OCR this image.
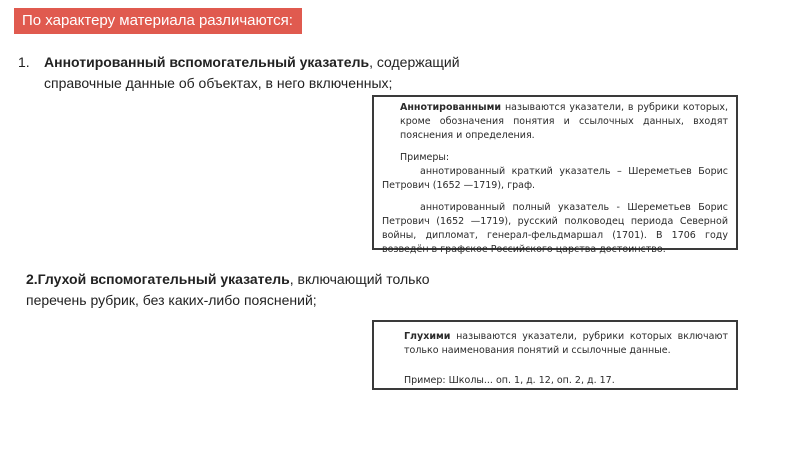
По характеру материала различаются:
1.	Аннотированный вспомогательный указатель, содержащий
справочные данные об объектах, в него включенных;

Аннотированными называются указатели, в рубрики которых, кроме обозначения понятия и ссылочных данных, входят пояснения и определения.

Примеры:

аннотированный краткий указатель – Шереметьев Борис Петрович (1652 —1719), граф.

аннотированный полный указатель - Шереметьев Борис Петрович (1652 —1719), русский полководец периода Северной войны, дипломат, генерал-фельдмаршал (1701). В 1706 году возведён в графское Российского царства достоинство.

2.Глухой вспомогательный указатель, включающий только
перечень рубрик, без каких-либо пояснений;

Глухими называются указатели, рубрики которых включают только наименования понятий и ссылочные данные.

Пример: Школы... оп. 1, д. 12, оп. 2, д. 17.
